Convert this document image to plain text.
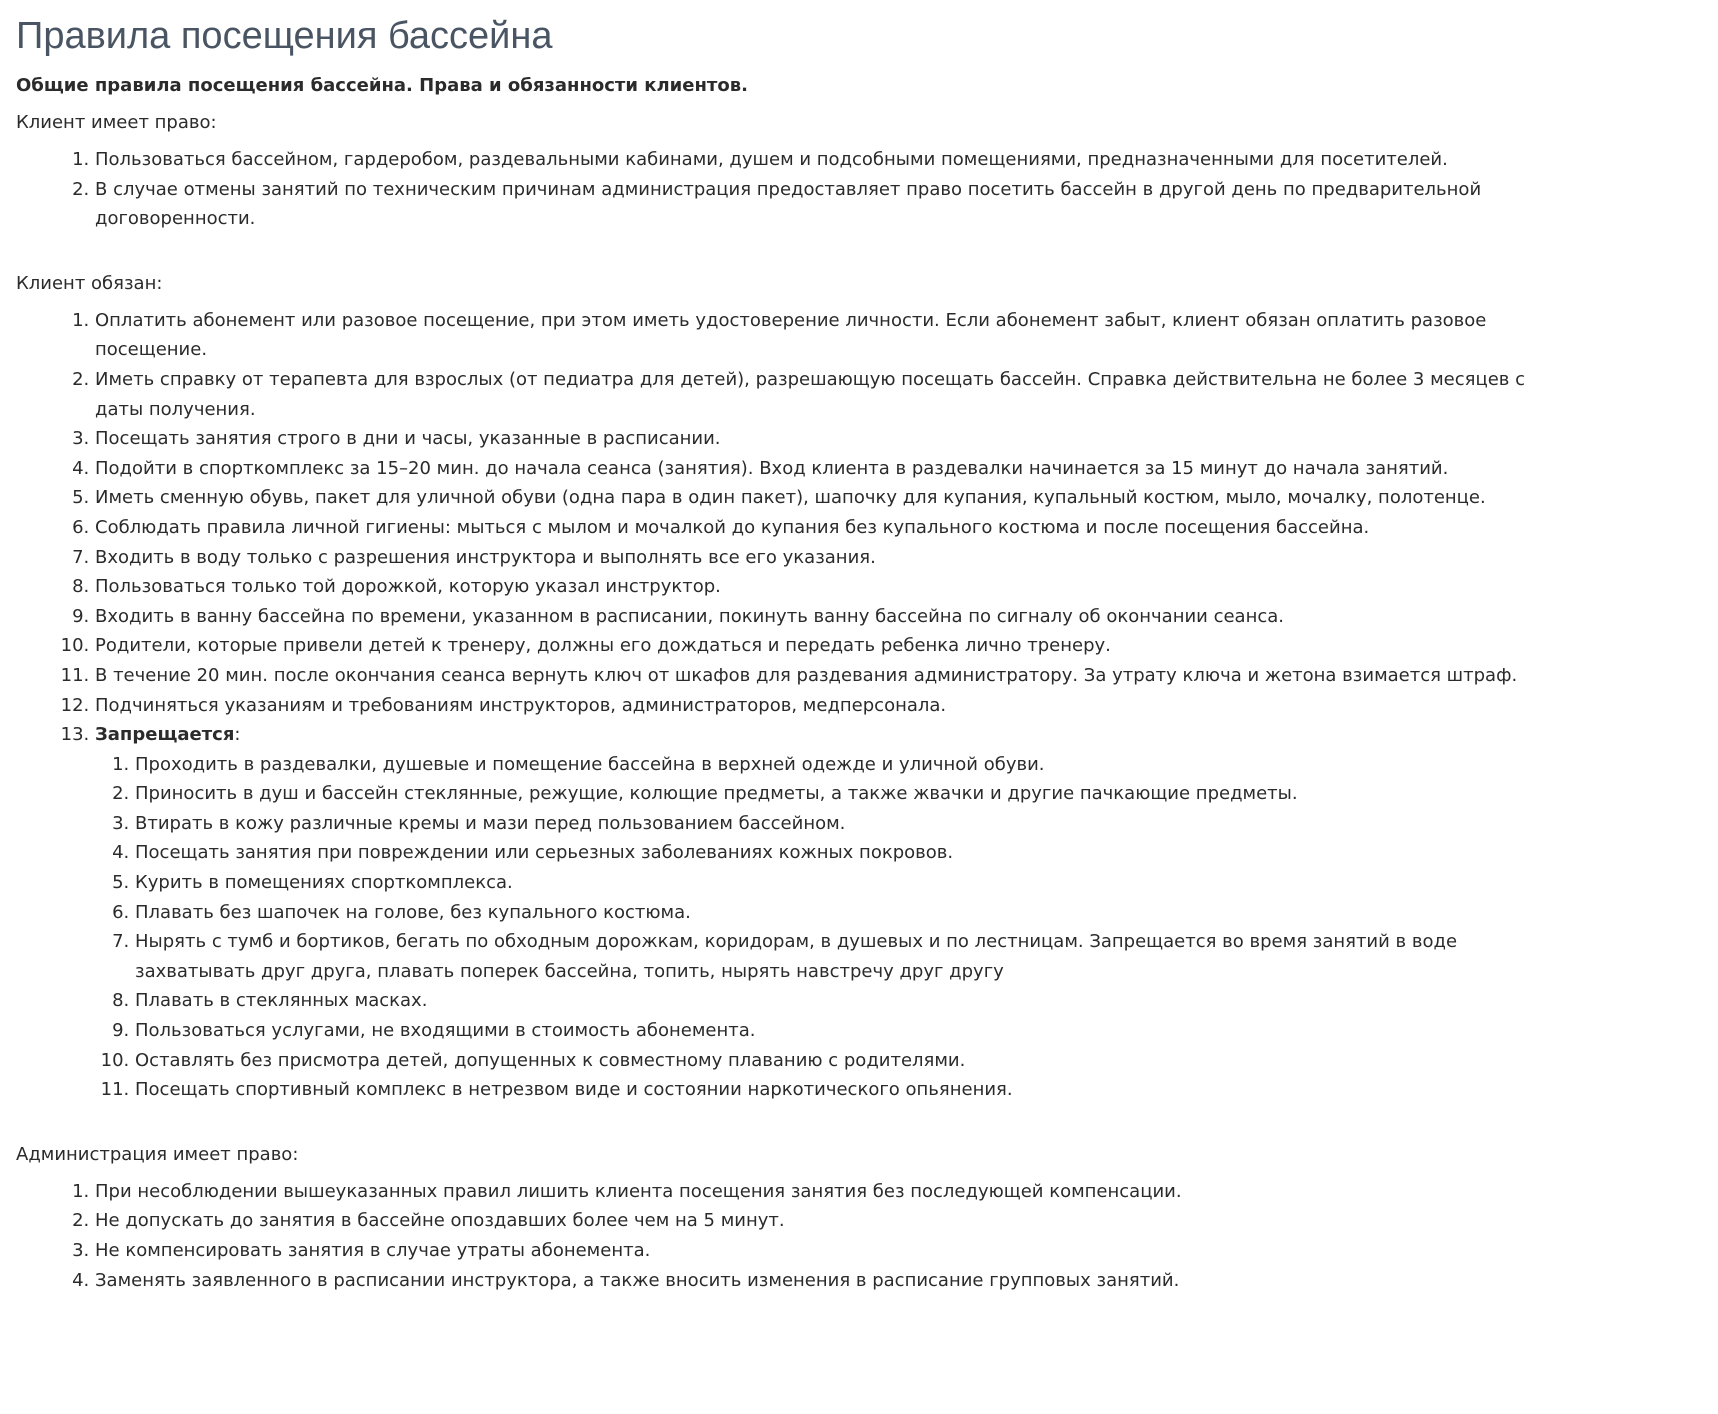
Правила посещения бассейна

Общие правила посещения бассейна. Права и обязанности клиентов.

Клиент имеет право:

1. Пользоваться бассейном, гардеробом, раздевальными кабинами, душем и подсобными помещениями, предназначенными для посетителей.
2. В случае отмены занятий по техническим причинам администрация предоставляет право посетить бассейн в другой день по предварительной договоренности.

Клиент обязан:

1. Оплатить абонемент или разовое посещение, при этом иметь удостоверение личности. Если абонемент забыт, клиент обязан оплатить разовое посещение.
2. Иметь справку от терапевта для взрослых (от педиатра для детей), разрешающую посещать бассейн. Справка действительна не более 3 месяцев с даты получения.
3. Посещать занятия строго в дни и часы, указанные в расписании.
4. Подойти в спорткомплекс за 15–20 мин. до начала сеанса (занятия). Вход клиента в раздевалки начинается за 15 минут до начала занятий.
5. Иметь сменную обувь, пакет для уличной обуви (одна пара в один пакет), шапочку для купания, купальный костюм, мыло, мочалку, полотенце.
6. Соблюдать правила личной гигиены: мыться с мылом и мочалкой до купания без купального костюма и после посещения бассейна.
7. Входить в воду только с разрешения инструктора и выполнять все его указания.
8. Пользоваться только той дорожкой, которую указал инструктор.
9. Входить в ванну бассейна по времени, указанном в расписании, покинуть ванну бассейна по сигналу об окончании сеанса.
10. Родители, которые привели детей к тренеру, должны его дождаться и передать ребенка лично тренеру.
11. В течение 20 мин. после окончания сеанса вернуть ключ от шкафов для раздевания администратору. За утрату ключа и жетона взимается штраф.
12. Подчиняться указаниям и требованиям инструкторов, администраторов, медперсонала.
13. Запрещается:
1. Проходить в раздевалки, душевые и помещение бассейна в верхней одежде и уличной обуви.
2. Приносить в душ и бассейн стеклянные, режущие, колющие предметы, а также жвачки и другие пачкающие предметы.
3. Втирать в кожу различные кремы и мази перед пользованием бассейном.
4. Посещать занятия при повреждении или серьезных заболеваниях кожных покровов.
5. Курить в помещениях спорткомплекса.
6. Плавать без шапочек на голове, без купального костюма.
7. Нырять с тумб и бортиков, бегать по обходным дорожкам, коридорам, в душевых и по лестницам. Запрещается во время занятий в воде захватывать друг друга, плавать поперек бассейна, топить, нырять навстречу друг другу
8. Плавать в стеклянных масках.
9. Пользоваться услугами, не входящими в стоимость абонемента.
10. Оставлять без присмотра детей, допущенных к совместному плаванию с родителями.
11. Посещать спортивный комплекс в нетрезвом виде и состоянии наркотического опьянения.

Администрация имеет право:

1. При несоблюдении вышеуказанных правил лишить клиента посещения занятия без последующей компенсации.
2. Не допускать до занятия в бассейне опоздавших более чем на 5 минут.
3. Не компенсировать занятия в случае утраты абонемента.
4. Заменять заявленного в расписании инструктора, а также вносить изменения в расписание групповых занятий.
